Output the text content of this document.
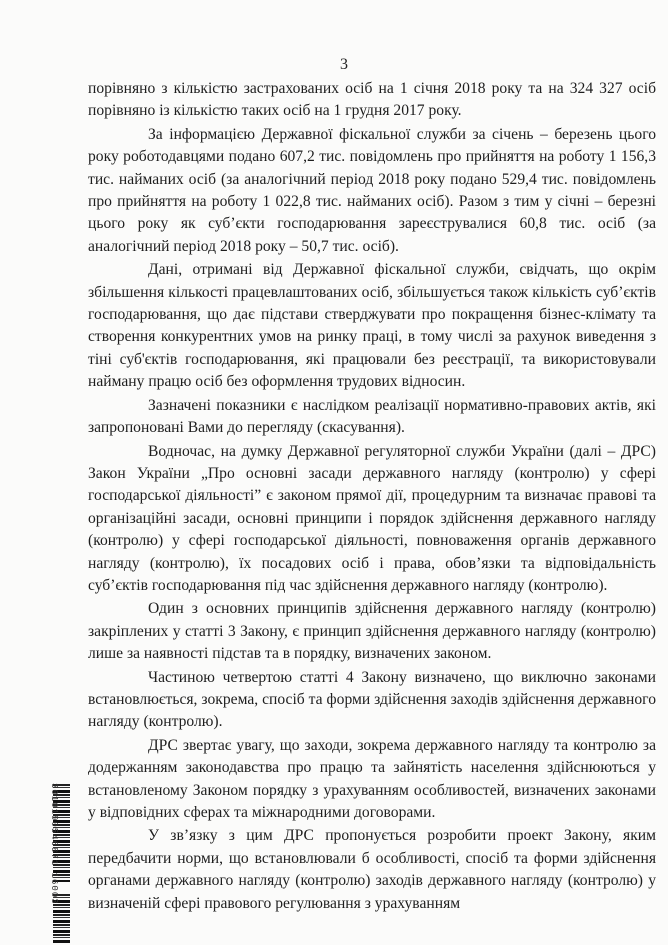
3

порівняно з кількістю застрахованих осіб на 1 січня 2018 року та на 324 327 осіб порівняно із кількістю таких осіб на 1 грудня 2017 року.

За інформацією Державної фіскальної служби за січень – березень цього року роботодавцями подано 607,2 тис. повідомлень про прийняття на роботу 1 156,3 тис. найманих осіб (за аналогічний період 2018 року подано 529,4 тис. повідомлень про прийняття на роботу 1 022,8 тис. найманих осіб). Разом з тим у січні – березні цього року як суб’єкти господарювання зареєструвалися 60,8 тис. осіб (за аналогічний період 2018 року – 50,7 тис. осіб).

Дані, отримані від Державної фіскальної служби, свідчать, що окрім збільшення кількості працевлаштованих осіб, збільшується також кількість суб’єктів господарювання, що дає підстави стверджувати про покращення бізнес-клімату та створення конкурентних умов на ринку праці, в тому числі за рахунок виведення з тіні суб'єктів господарювання, які працювали без реєстрації, та використовували найману працю осіб без оформлення трудових відносин.

Зазначені показники є наслідком реалізації нормативно-правових актів, які запропоновані Вами до перегляду (скасування).

Водночас, на думку Державної регуляторної служби України (далі – ДРС) Закон України „Про основні засади державного нагляду (контролю) у сфері господарської діяльності” є законом прямої дії, процедурним та визначає правові та організаційні засади, основні принципи і порядок здійснення державного нагляду (контролю) у сфері господарської діяльності, повноваження органів державного нагляду (контролю), їх посадових осіб і права, обов’язки та відповідальність суб’єктів господарювання під час здійснення державного нагляду (контролю).

Один з основних принципів здійснення державного нагляду (контролю) закріплених у статті 3 Закону, є принцип здійснення державного нагляду (контролю) лише за наявності підстав та в порядку, визначених законом.

Частиною четвертою статті 4 Закону визначено, що виключно законами встановлюється, зокрема, спосіб та форми здійснення заходів здійснення державного нагляду (контролю).

ДРС звертає увагу, що заходи, зокрема державного нагляду та контролю за додержанням законодавства про працю та зайнятість населення здійснюються у встановленому Законом порядку з урахуванням особливостей, визначених законами у відповідних сферах та міжнародними договорами.

У зв’язку з цим ДРС пропонується розробити проект Закону, яким передбачити норми, що встановлювали б особливості, спосіб та форми здійснення органами державного нагляду (контролю) заходів державного нагляду (контролю) у визначеній сфері правового регулювання з урахуванням

3010190546871 16003
